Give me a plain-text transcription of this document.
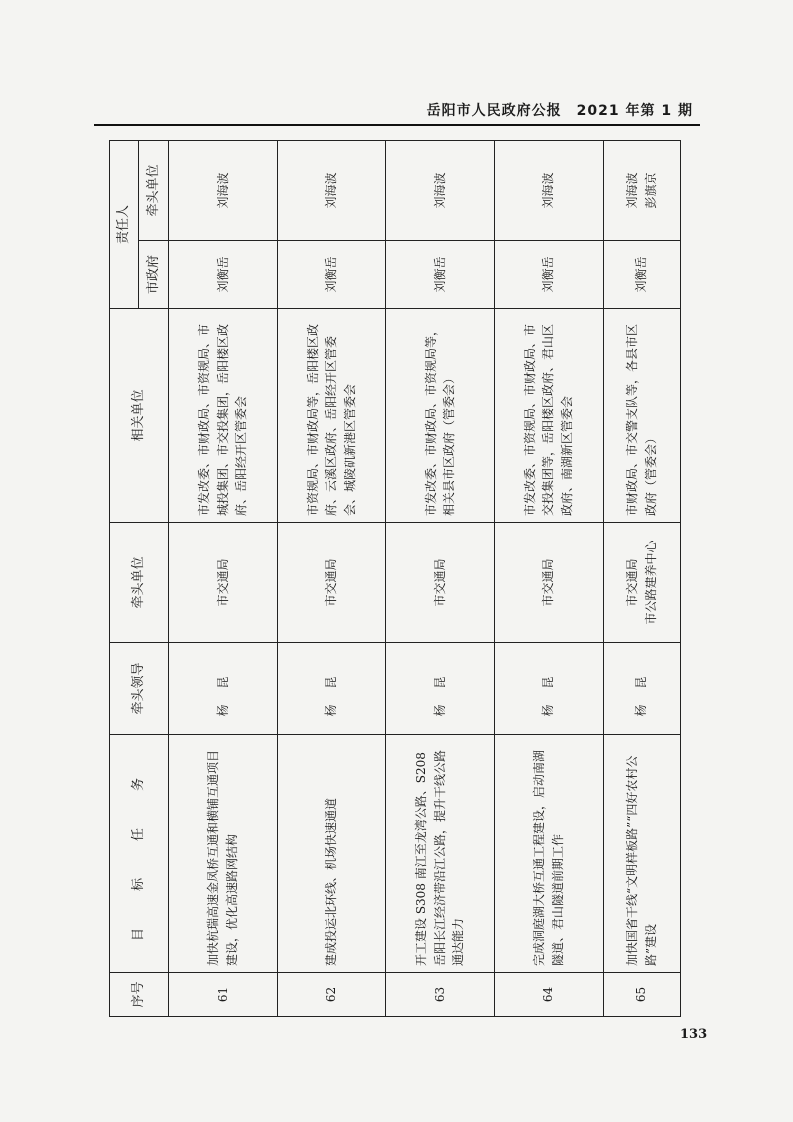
岳阳市人民政府公报　2021 年第 1 期
序号	目　标　任　务	牵头领导	牵头单位	相关单位	责任人	
					市政府	牵头单位
61	加快杭瑞高速金凤桥互通和横铺互通项目建设，优化高速路网结构	杨昆	市交通局	市发改委、市财政局、市资规局、市城投集团、市交投集团，岳阳楼区政府、岳阳经开区管委会	刘衡岳	刘海波
62	建成投运北环线、机场快速通道	杨昆	市交通局	市资规局、市财政局等，岳阳楼区政府、云溪区政府、岳阳经开区管委会、城陵矶新港区管委会	刘衡岳	刘海波
63	开工建设 S308 南江至龙湾公路、S208 岳阳长江经济带沿江公路，提升干线公路通达能力	杨昆	市交通局	市发改委、市财政局、市资规局等，相关县市区政府（管委会）	刘衡岳	刘海波
64	完成洞庭湖大桥互通工程建设，启动南湖隧道、君山隧道前期工作	杨昆	市交通局	市发改委、市资规局、市财政局、市交投集团等，岳阳楼区政府、君山区政府、南湖新区管委会	刘衡岳	刘海波
65	加快国省干线“文明样板路”“四好农村公路”建设	杨昆	市交通局 市公路建养中心	市财政局、市交警支队等，各县市区政府（管委会）	刘衡岳	刘海波 彭旗京
133
